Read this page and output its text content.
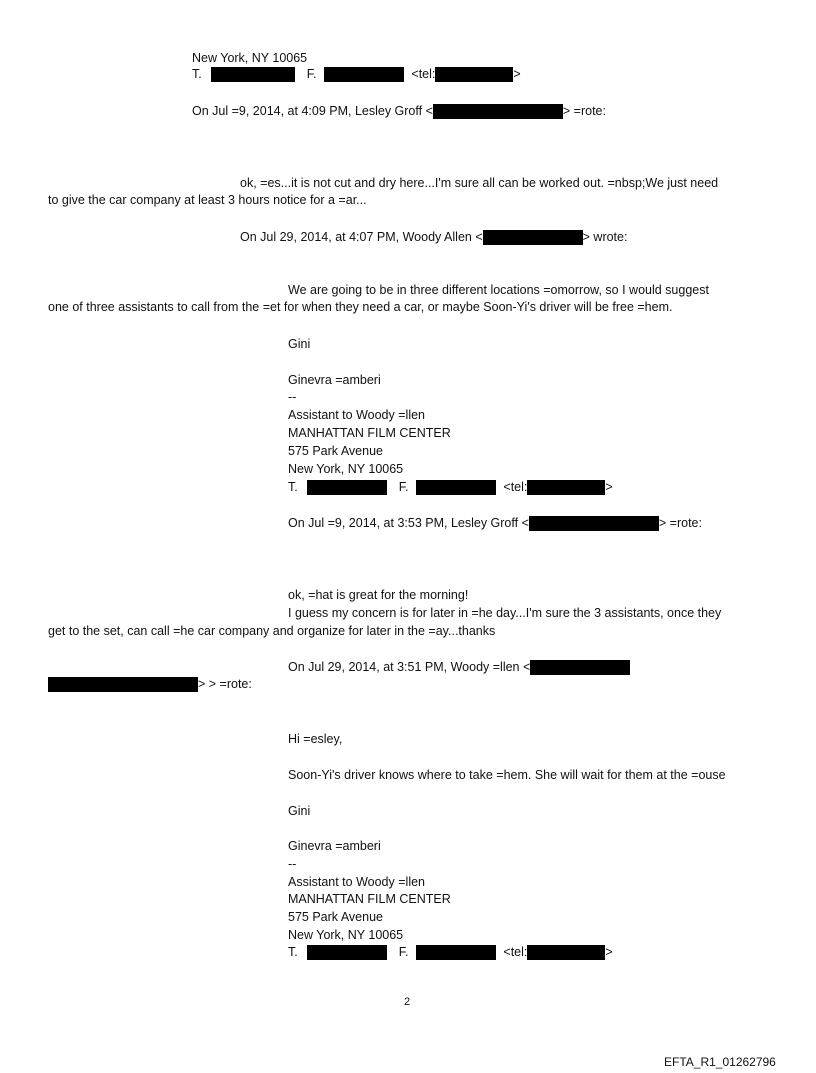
New York, NY 10065
T.	F.	<tel:	>
On Jul =9, 2014, at 4:09 PM, Lesley Groff <	> =rote:
ok, =es...it is not cut and dry here...I'm sure all can be worked out. =nbsp;We just need
to give the car company at least 3 hours notice for a =ar...
On Jul 29, 2014, at 4:07 PM, Woody Allen <	> wrote:
We are going to be in three different locations =omorrow, so I would suggest
one of three assistants to call from the =et for when they need a car, or maybe Soon-Yi's driver will be free =hem.
Gini
Ginevra =amberi
--
Assistant to Woody =llen
MANHATTAN FILM CENTER
575 Park Avenue
New York, NY 10065
T.	F.	<tel:	>
On Jul =9, 2014, at 3:53 PM, Lesley Groff <	> =rote:
ok, =hat is great for the morning!
I guess my concern is for later in =he day...I'm sure the 3 assistants, once they
get to the set, can call =he car company and organize for later in the =ay...thanks
On Jul 29, 2014, at 3:51 PM, Woody =llen <
> > =rote:
Hi =esley,
Soon-Yi's driver knows where to take =hem. She will wait for them at the =ouse
Gini
Ginevra =amberi
--
Assistant to Woody =llen
MANHATTAN FILM CENTER
575 Park Avenue
New York, NY 10065
T.	F.	<tel:	>
2
EFTA_R1_01262796
